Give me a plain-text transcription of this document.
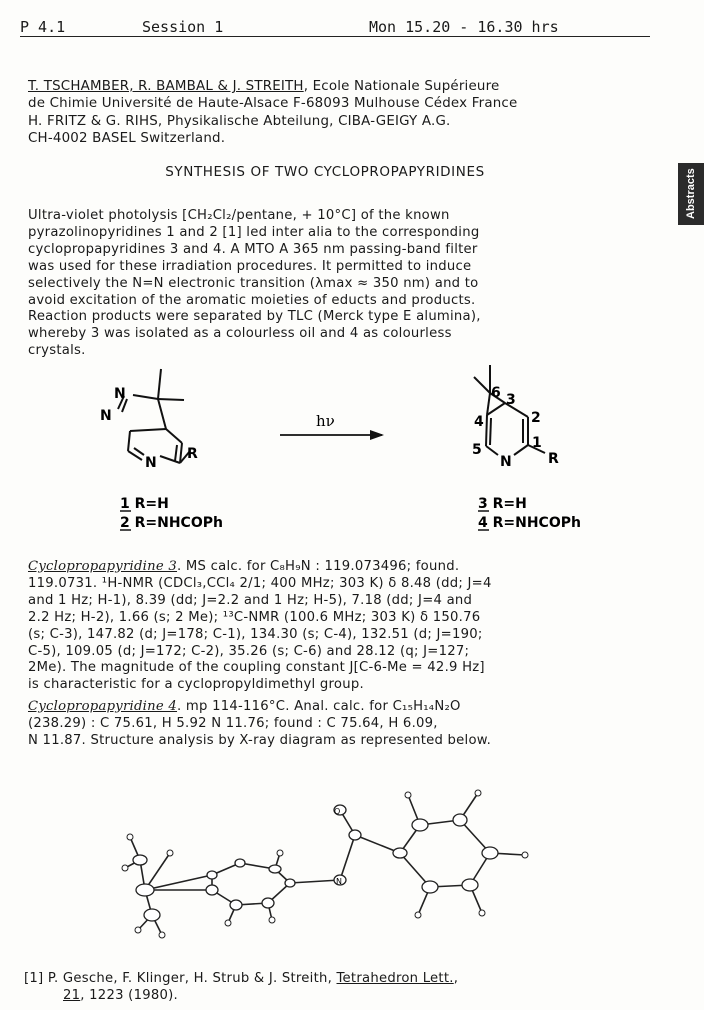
P 4.1	Session 1	Mon 15.20 - 16.30 hrs
Abstracts

T. TSCHAMBER, R. BAMBAL & J. STREITH, Ecole Nationale Supérieure

de Chimie Université de Haute-Alsace F-68093 Mulhouse Cédex France

H. FRITZ & G. RIHS, Physikalische Abteilung, CIBA-GEIGY A.G.

CH-4002 BASEL Switzerland.

SYNTHESIS OF TWO CYCLOPROPAPYRIDINES

Ultra-violet photolysis [CH₂Cl₂/pentane, + 10°C] of the known

pyrazolinopyridines 1 and 2 [1] led inter alia to the corresponding

cyclopropapyridines 3 and 4. A MTO A 365 nm passing-band filter

was used for these irradiation procedures. It permitted to induce

selectively the N=N electronic transition (λmax ≈ 350 nm) and to

avoid excitation of the aromatic moieties of educts and products.

Reaction products were separated by TLC (Merck type E alumina),

whereby 3 was isolated as a colourless oil and 4 as colourless

crystals.

N
N
N
R
hν
6 3
2
4
1
5
N	R
1 R=H
2 R=NHCOPh
3 R=H
4 R=NHCOPh

Cyclopropapyridine 3. MS calc. for C₈H₉N : 119.073496; found.

119.0731. ¹H-NMR (CDCl₃,CCl₄ 2/1; 400 MHz; 303 K) δ 8.48 (dd; J=4

and 1 Hz; H-1), 8.39 (dd; J=2.2 and 1 Hz; H-5), 7.18 (dd; J=4 and

2.2 Hz; H-2), 1.66 (s; 2 Me); ¹³C-NMR (100.6 MHz; 303 K) δ 150.76

(s; C-3), 147.82 (d; J=178; C-1), 134.30 (s; C-4), 132.51 (d; J=190;

C-5), 109.05 (d; J=172; C-2), 35.26 (s; C-6) and 28.12 (q; J=127;

2Me). The magnitude of the coupling constant J[C-6-Me = 42.9 Hz]

is characteristic for a cyclopropyldimethyl group.

Cyclopropapyridine 4. mp 114-116°C. Anal. calc. for C₁₅H₁₄N₂O

(238.29) : C 75.61, H 5.92 N 11.76; found : C 75.64, H 6.09,

N 11.87. Structure analysis by X-ray diagram as represented below.

O
N

[1] P. Gesche, F. Klinger, H. Strub & J. Streith, Tetrahedron Lett.,

21, 1223 (1980).
